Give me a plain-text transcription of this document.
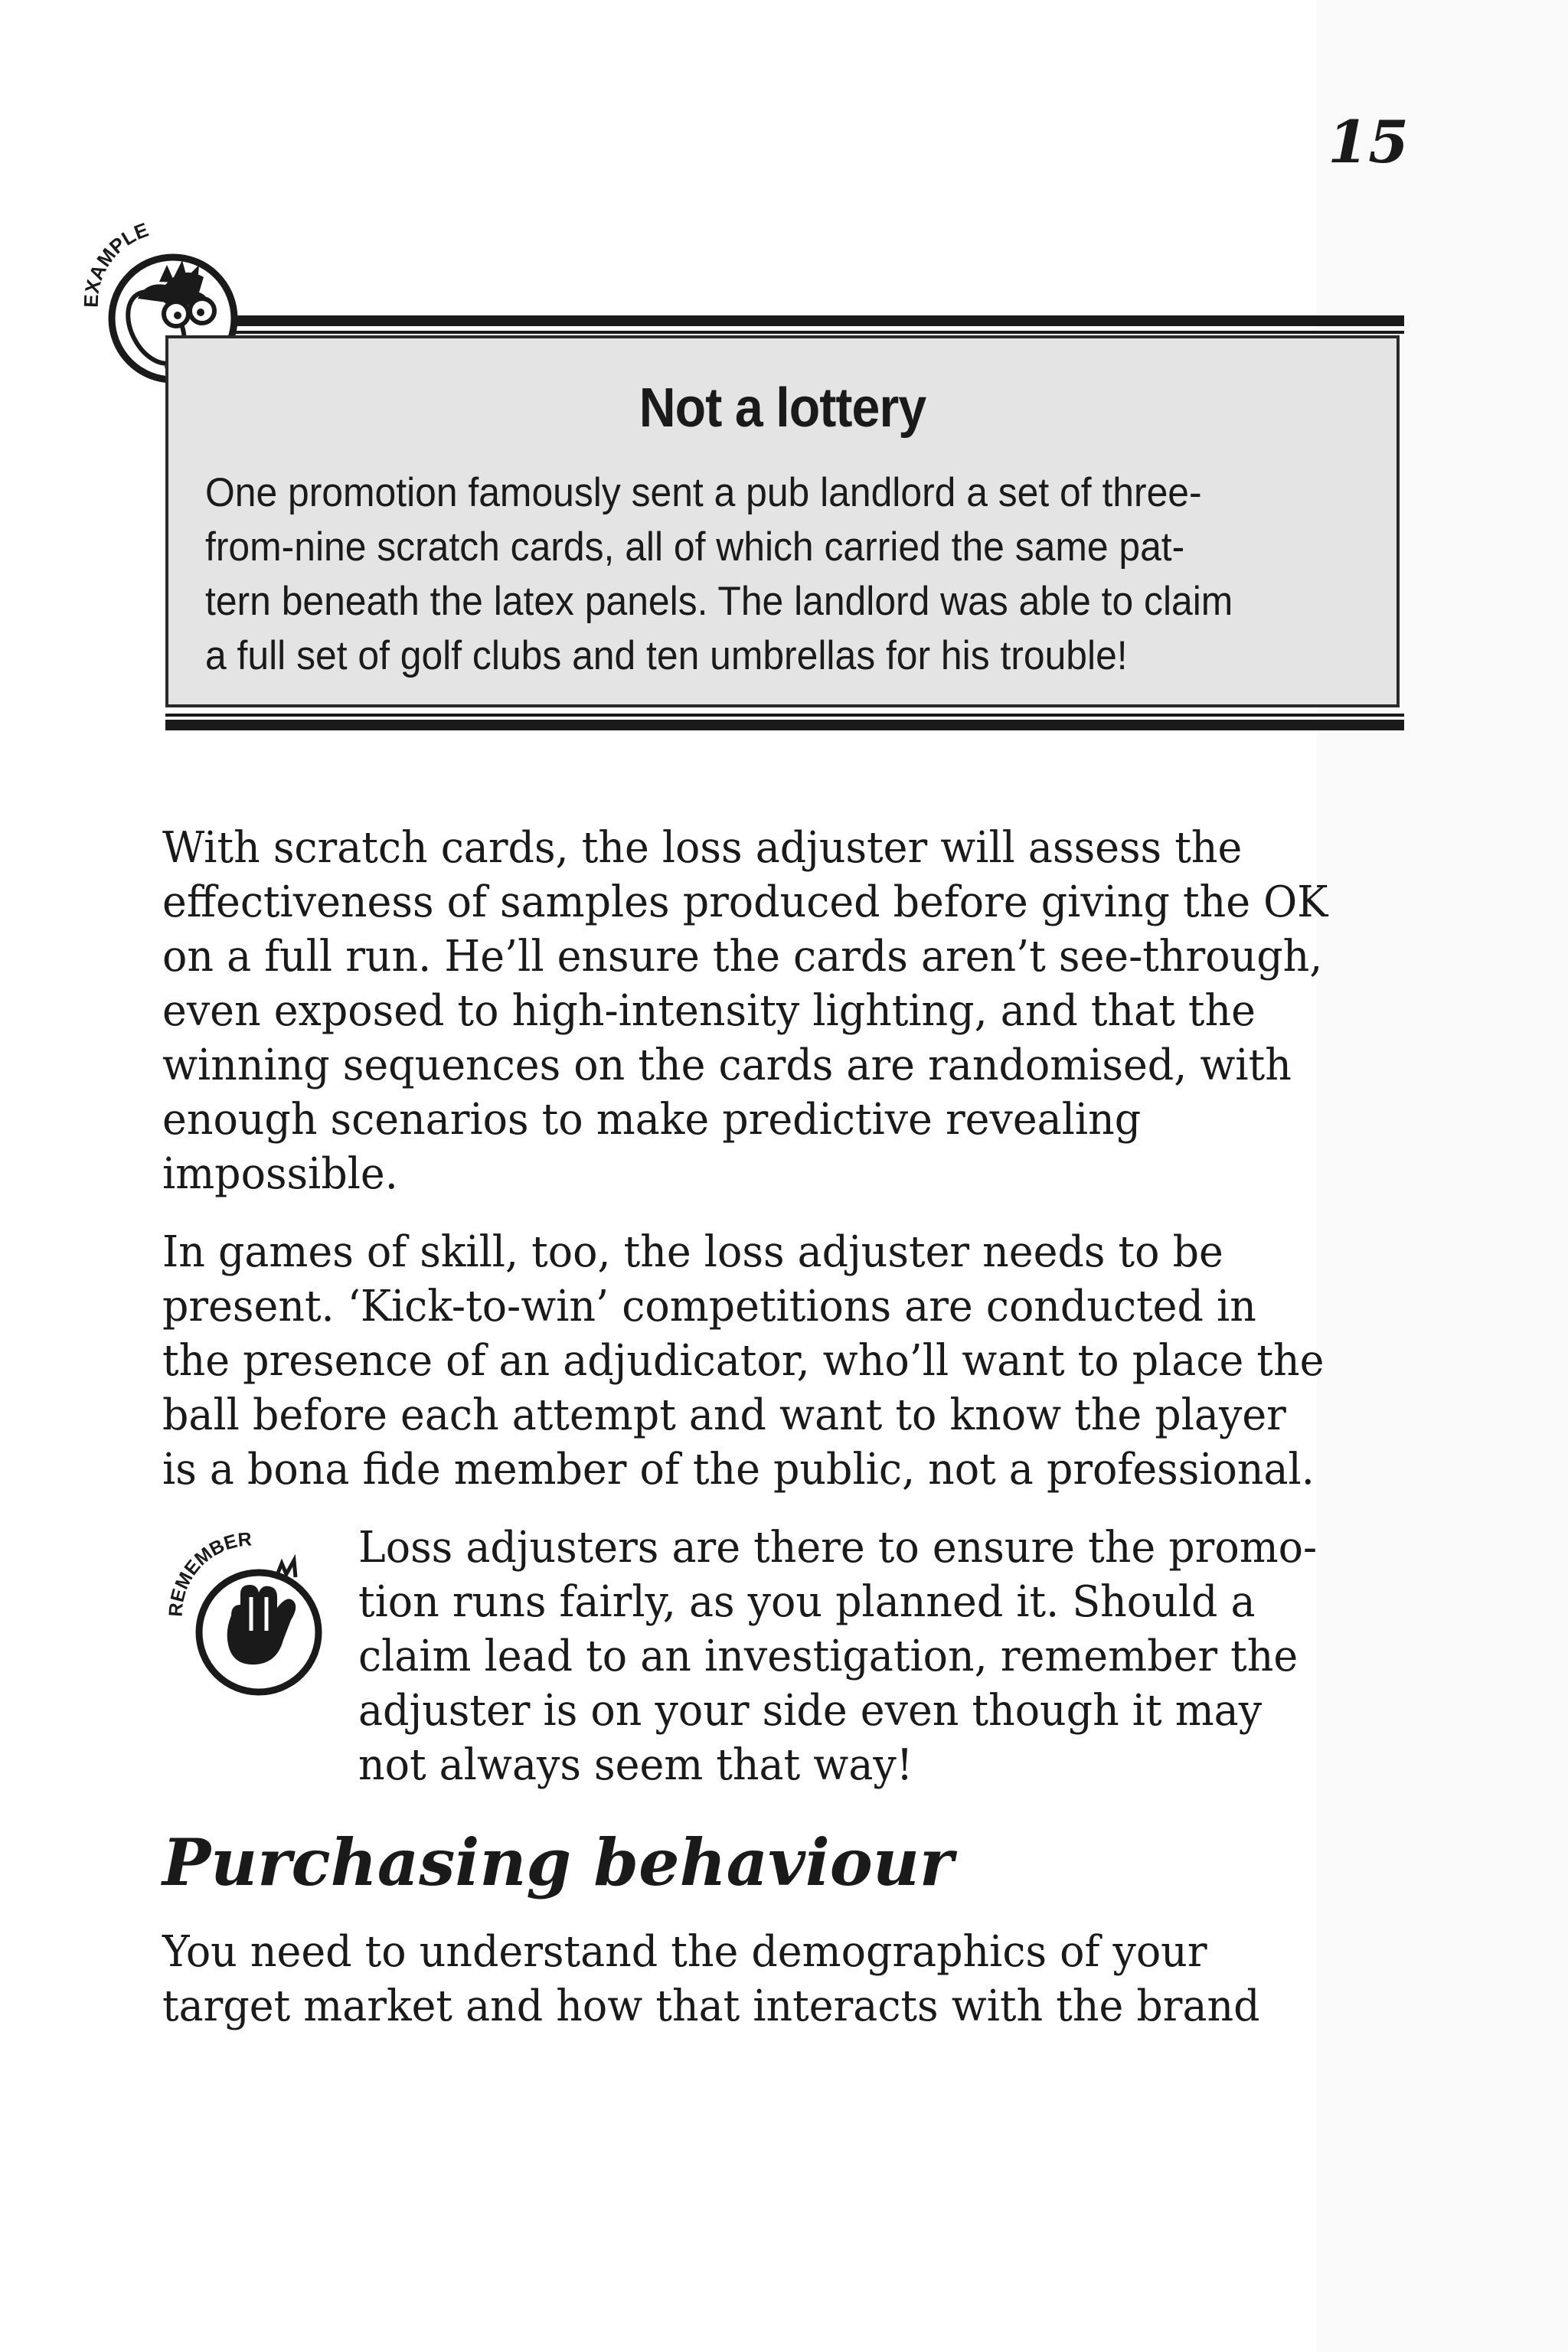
15
EXAMPLE
Not a lottery

One promotion famously sent a pub landlord a set of three-
from-nine scratch cards, all of which carried the same pat-
tern beneath the latex panels. The landlord was able to claim
a full set of golf clubs and ten umbrellas for his trouble!

With scratch cards, the loss adjuster will assess the
effectiveness of samples produced before giving the OK
on a full run. He’ll ensure the cards aren’t see-through,
even exposed to high-intensity lighting, and that the
winning sequences on the cards are randomised, with
enough scenarios to make predictive revealing
impossible.

In games of skill, too, the loss adjuster needs to be
present. ‘Kick-to-win’ competitions are conducted in
the presence of an adjudicator, who’ll want to place the
ball before each attempt and want to know the player
is a bona fide member of the public, not a professional.

REMEMBER Loss adjusters are there to ensure the promo-
tion runs fairly, as you planned it. Should a
claim lead to an investigation, remember the
adjuster is on your side even though it may
not always seem that way!

Purchasing behaviour

You need to understand the demographics of your
target market and how that interacts with the brand
